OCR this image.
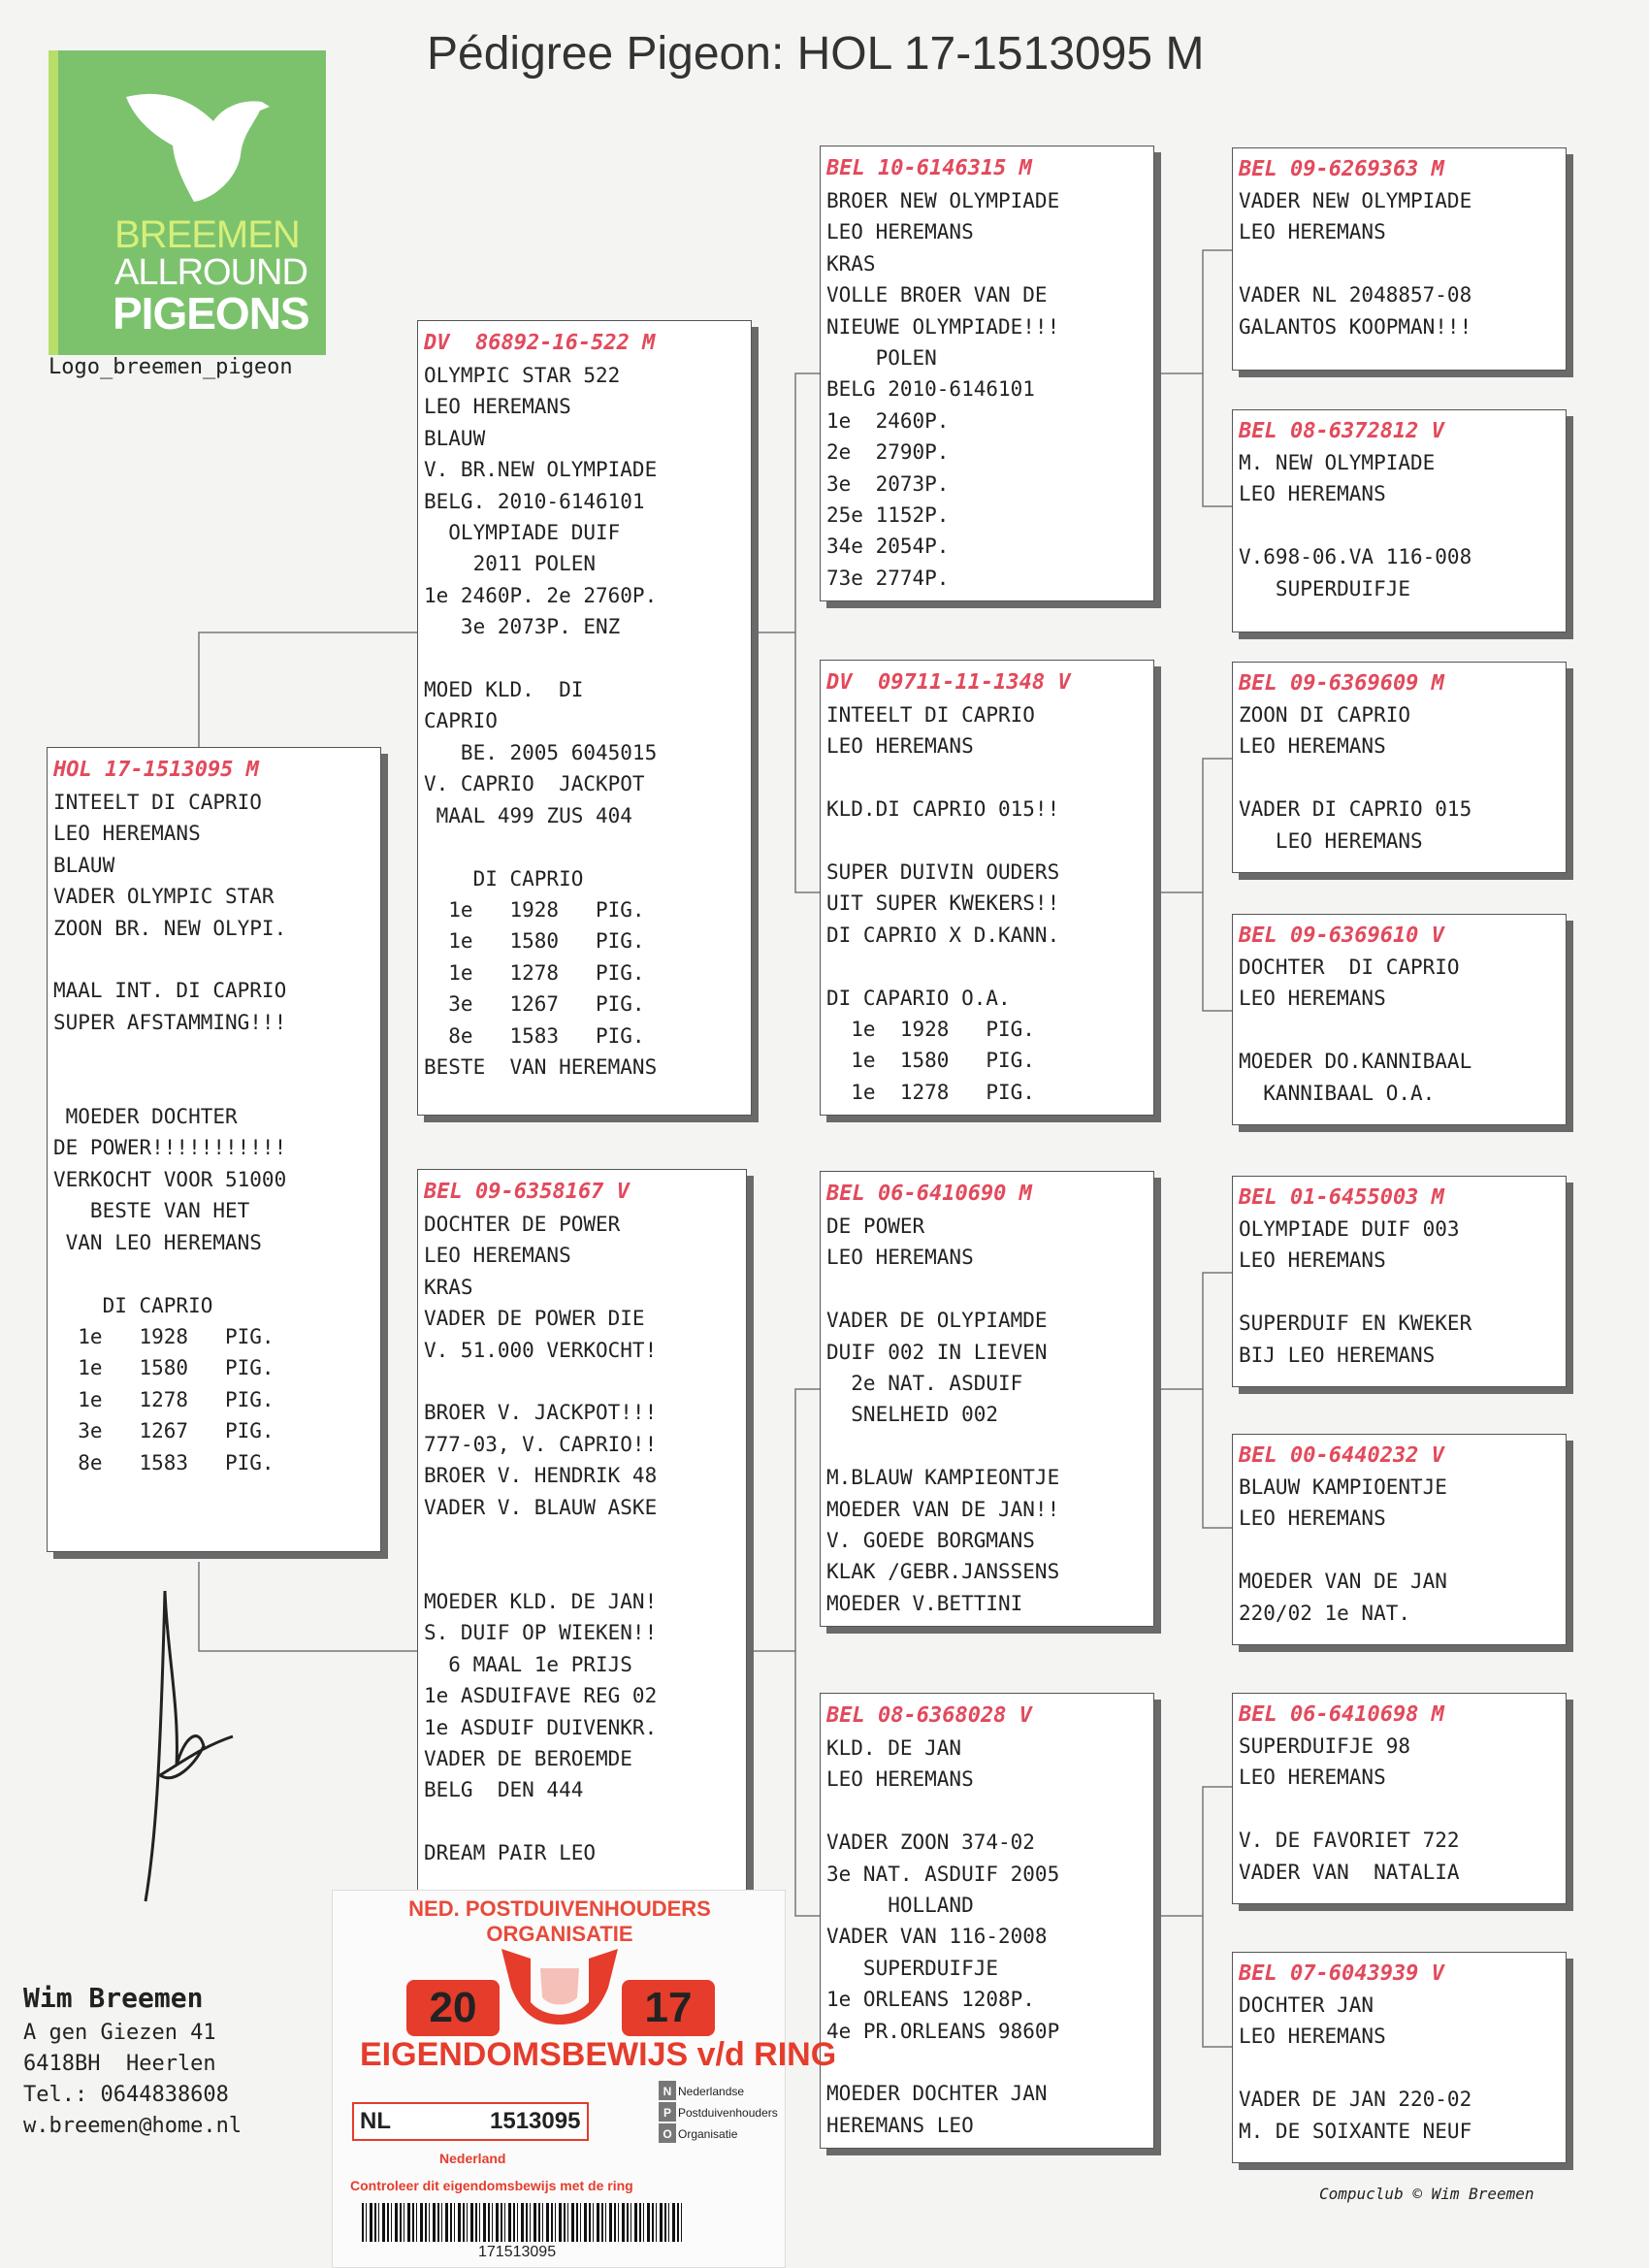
Pédigree Pigeon: HOL 17-1513095 M
BREEMEN
ALLROUND
PIGEONS
Logo_breemen_pigeon
HOL 17-1513095 M
INTEELT DI CAPRIO
LEO HEREMANS
BLAUW
VADER OLYMPIC STAR
ZOON BR. NEW OLYPI.

MAAL INT. DI CAPRIO
SUPER AFSTAMMING!!!

MOEDER DOCHTER
DE POWER!!!!!!!!!!!
VERKOCHT VOOR 51000
BESTE VAN HET
VAN LEO HEREMANS

DI CAPRIO
1e   1928   PIG.
1e   1580   PIG.
1e   1278   PIG.
3e   1267   PIG.
8e   1583   PIG.
DV  86892-16-522 M
OLYMPIC STAR 522
LEO HEREMANS
BLAUW
V. BR.NEW OLYMPIADE
BELG. 2010-6146101
OLYMPIADE DUIF
2011 POLEN
1e 2460P. 2e 2760P.
3e 2073P. ENZ

MOED KLD.  DI
CAPRIO
BE. 2005 6045015
V. CAPRIO  JACKPOT
MAAL 499 ZUS 404

DI CAPRIO
1e   1928   PIG.
1e   1580   PIG.
1e   1278   PIG.
3e   1267   PIG.
8e   1583   PIG.
BESTE  VAN HEREMANS
BEL 09-6358167 V
DOCHTER DE POWER
LEO HEREMANS
KRAS
VADER DE POWER DIE
V. 51.000 VERKOCHT!

BROER V. JACKPOT!!!
777-03, V. CAPRIO!!
BROER V. HENDRIK 48
VADER V. BLAUW ASKE

MOEDER KLD. DE JAN!
S. DUIF OP WIEKEN!!
6 MAAL 1e PRIJS
1e ASDUIFAVE REG 02
1e ASDUIF DUIVENKR.
VADER DE BEROEMDE
BELG  DEN 444

DREAM PAIR LEO
BEL 10-6146315 M
BROER NEW OLYMPIADE
LEO HEREMANS
KRAS
VOLLE BROER VAN DE
NIEUWE OLYMPIADE!!!
POLEN
BELG 2010-6146101
1e  2460P.
2e  2790P.
3e  2073P.
25e 1152P.
34e 2054P.
73e 2774P.
DV  09711-11-1348 V
INTEELT DI CAPRIO
LEO HEREMANS

KLD.DI CAPRIO 015!!

SUPER DUIVIN OUDERS
UIT SUPER KWEKERS!!
DI CAPRIO X D.KANN.

DI CAPARIO O.A.
1e  1928   PIG.
1e  1580   PIG.
1e  1278   PIG.
BEL 06-6410690 M
DE POWER
LEO HEREMANS

VADER DE OLYPIAMDE
DUIF 002 IN LIEVEN
2e NAT. ASDUIF
SNELHEID 002

M.BLAUW KAMPIEONTJE
MOEDER VAN DE JAN!!
V. GOEDE BORGMANS
KLAK /GEBR.JANSSENS
MOEDER V.BETTINI
BEL 08-6368028 V
KLD. DE JAN
LEO HEREMANS

VADER ZOON 374-02
3e NAT. ASDUIF 2005
HOLLAND
VADER VAN 116-2008
SUPERDUIFJE
1e ORLEANS 1208P.
4e PR.ORLEANS 9860P

MOEDER DOCHTER JAN
HEREMANS LEO
BEL 09-6269363 M
VADER NEW OLYMPIADE
LEO HEREMANS

VADER NL 2048857-08
GALANTOS KOOPMAN!!!
BEL 08-6372812 V
M. NEW OLYMPIADE
LEO HEREMANS

V.698-06.VA 116-008
SUPERDUIFJE
BEL 09-6369609 M
ZOON DI CAPRIO
LEO HEREMANS

VADER DI CAPRIO 015
LEO HEREMANS
BEL 09-6369610 V
DOCHTER  DI CAPRIO
LEO HEREMANS

MOEDER DO.KANNIBAAL
KANNIBAAL O.A.
BEL 01-6455003 M
OLYMPIADE DUIF 003
LEO HEREMANS

SUPERDUIF EN KWEKER
BIJ LEO HEREMANS
BEL 00-6440232 V
BLAUW KAMPIOENTJE
LEO HEREMANS

MOEDER VAN DE JAN
220/02 1e NAT.
BEL 06-6410698 M
SUPERDUIFJE 98
LEO HEREMANS

V. DE FAVORIET 722
VADER VAN  NATALIA
BEL 07-6043939 V
DOCHTER JAN
LEO HEREMANS

VADER DE JAN 220-02
M. DE SOIXANTE NEUF
Wim Breemen
A gen Giezen 41
6418BH  Heerlen
Tel.: 0644838608
w.breemen@home.nl
NED. POSTDUIVENHOUDERS ORGANISATIE
20	17
EIGENDOMSBEWIJS v/d RING
NL	1513095
Nederland
N Nederlandse
P Postduivenhouders
O Organisatie
Controleer dit eigendomsbewijs met de ring
171513095
Compuclub © Wim Breemen
